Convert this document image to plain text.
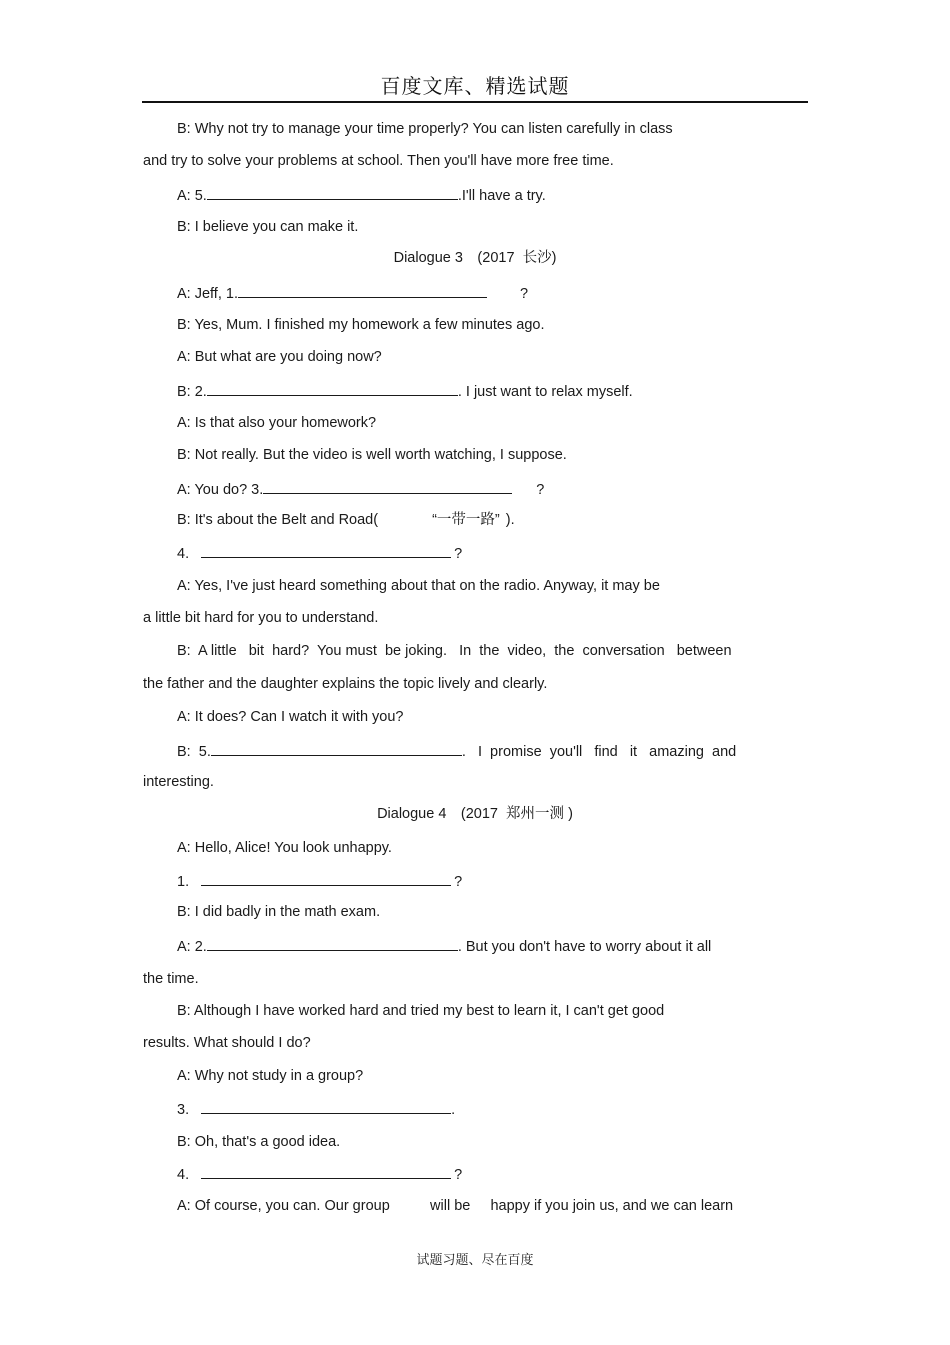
百度文库、精选试题
B: Why not try to manage your time properly? You can listen carefully in class
and try to solve your problems at school. Then you'll have more free time.
A: 5.	.I'll have a try.
B: I believe you can make it.
Dialogue 3　(2017  长沙)
A: Jeff, 1.	?
B: Yes, Mum. I finished my homework a few minutes ago.
A: But what are you doing now?
B: 2.	. I just want to relax myself.
A: Is that also your homework?
B: Not really. But the video is well worth watching, I suppose.
A: You do? 3.	?
B: It's about the Belt and Road(	“一带一路” ).
4.	?
A: Yes, I've just heard something about that on the radio. Anyway, it may be
a little bit hard for you to understand.
B:  A little   bit  hard?  You must  be joking.   In  the  video,  the  conversation   between
the father and the daughter explains the topic lively and clearly.
A: It does? Can I watch it with you?
B:  5.	.   I  promise  you'll   find   it   amazing  and
interesting.
Dialogue 4　(2017  郑州一测 )
A: Hello, Alice! You look unhappy.
1.	?
B: I did badly in the math exam.
A: 2.	. But you don't have to worry about it all
the time.
B: Although I have worked hard and tried my best to learn it, I can't get good
results. What should I do?
A: Why not study in a group?
3.	.
B: Oh, that's a good idea.
4.	?
A: Of course, you can. Our group          will be     happy if you join us, and we can learn
试题习题、尽在百度
